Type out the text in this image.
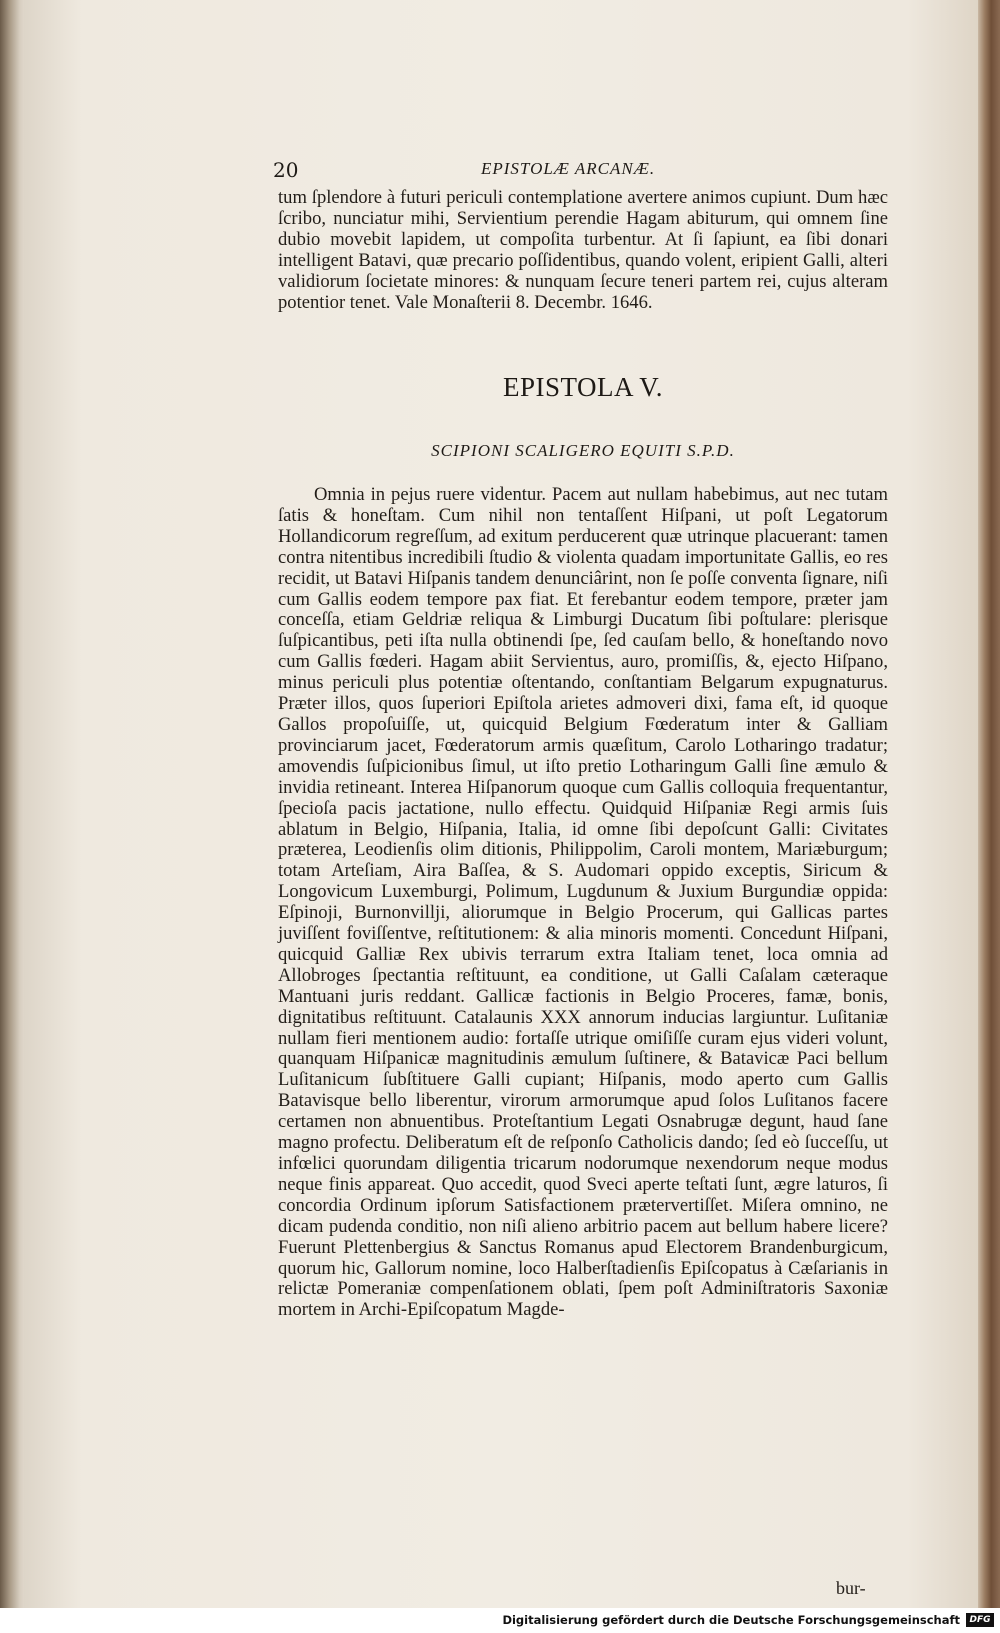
20	EPISTOLÆ ARCANÆ.

tum ſplendore à futuri periculi contemplatione avertere animos cupiunt. Dum hæc ſcribo, nunciatur mihi, Servientium perendie Hagam abiturum, qui omnem ſine dubio movebit lapidem, ut compoſita turbentur. At ſi ſapiunt, ea ſibi donari intelligent Batavi, quæ precario poſſidentibus, quando volent, eripient Galli, alteri validiorum ſocietate minores: & nunquam ſecure teneri partem rei, cujus alteram potentior tenet. Vale Monaſterii 8. Decembr. 1646.

EPISTOLA V.
SCIPIONI SCALIGERO EQUITI S.P.D.

Omnia in pejus ruere videntur. Pacem aut nullam habebimus, aut nec tutam ſatis & honeſtam. Cum nihil non tentaſſent Hiſpani, ut poſt Legatorum Hollandicorum regreſſum, ad exitum perducerent quæ utrinque placuerant: tamen contra nitentibus incredibili ſtudio & violenta quadam importunitate Gallis, eo res recidit, ut Batavi Hiſpanis tandem denunciârint, non ſe poſſe conventa ſignare, niſi cum Gallis eodem tempore pax fiat. Et ferebantur eodem tempore, præter jam conceſſa, etiam Geldriæ reliqua & Limburgi Ducatum ſibi poſtulare: plerisque ſuſpicantibus, peti iſta nulla obtinendi ſpe, ſed cauſam bello, & honeſtando novo cum Gallis fœderi. Hagam abiit Servientus, auro, promiſſis, &, ejecto Hiſpano, minus periculi plus potentiæ oſtentando, conſtantiam Belgarum expugnaturus. Præter illos, quos ſuperiori Epiſtola arietes admoveri dixi, fama eſt, id quoque Gallos propoſuiſſe, ut, quicquid Belgium Fœderatum inter & Galliam provinciarum jacet, Fœderatorum armis quæſitum, Carolo Lotharingo tradatur; amovendis ſuſpicionibus ſimul, ut iſto pretio Lotharingum Galli ſine æmulo & invidia retineant. Interea Hiſpanorum quoque cum Gallis colloquia frequentantur, ſpecioſa pacis jactatione, nullo effectu. Quidquid Hiſpaniæ Regi armis ſuis ablatum in Belgio, Hiſpania, Italia, id omne ſibi depoſcunt Galli: Civitates præterea, Leodienſis olim ditionis, Philippolim, Caroli montem, Mariæburgum; totam Arteſiam, Aira Baſſea, & S. Audomari oppido exceptis, Siricum & Longovicum Luxemburgi, Polimum, Lugdunum & Juxium Burgundiæ oppida: Eſpinoji, Burnonvillji, aliorumque in Belgio Procerum, qui Gallicas partes juviſſent foviſſentve, reſtitutionem: & alia minoris momenti. Concedunt Hiſpani, quicquid Galliæ Rex ubivis terrarum extra Italiam tenet, loca omnia ad Allobroges ſpectantia reſtituunt, ea conditione, ut Galli Caſalam cæteraque Mantuani juris reddant. Gallicæ factionis in Belgio Proceres, famæ, bonis, dignitatibus reſtituunt. Catalaunis XXX annorum inducias largiuntur. Luſitaniæ nullam fieri mentionem audio: fortaſſe utrique omiſiſſe curam ejus videri volunt, quanquam Hiſpanicæ magnitudinis æmulum ſuſtinere, & Batavicæ Paci bellum Luſitanicum ſubſtituere Galli cupiant; Hiſpanis, modo aperto cum Gallis Batavisque bello liberentur, virorum armorumque apud ſolos Luſitanos facere certamen non abnuentibus. Proteſtantium Legati Osnabrugæ degunt, haud ſane magno profectu. Deliberatum eſt de reſponſo Catholicis dando; ſed eò ſucceſſu, ut infœlici quorundam diligentia tricarum nodorumque nexendorum neque modus neque finis appareat. Quo accedit, quod Sveci aperte teſtati ſunt, ægre laturos, ſi concordia Ordinum ipſorum Satisfactionem prætervertiſſet. Miſera omnino, ne dicam pudenda conditio, non niſi alieno arbitrio pacem aut bellum habere licere? Fuerunt Plettenbergius & Sanctus Romanus apud Electorem Brandenburgicum, quorum hic, Gallorum nomine, loco Halberſtadienſis Epiſcopatus à Cæſarianis in relictæ Pomeraniæ compenſationem oblati, ſpem poſt Adminiſtratoris Saxoniæ mortem in Archi-Epiſcopatum Magde-

bur-
Digitalisierung gefördert durch die Deutsche Forschungsgemeinschaft	DFG
